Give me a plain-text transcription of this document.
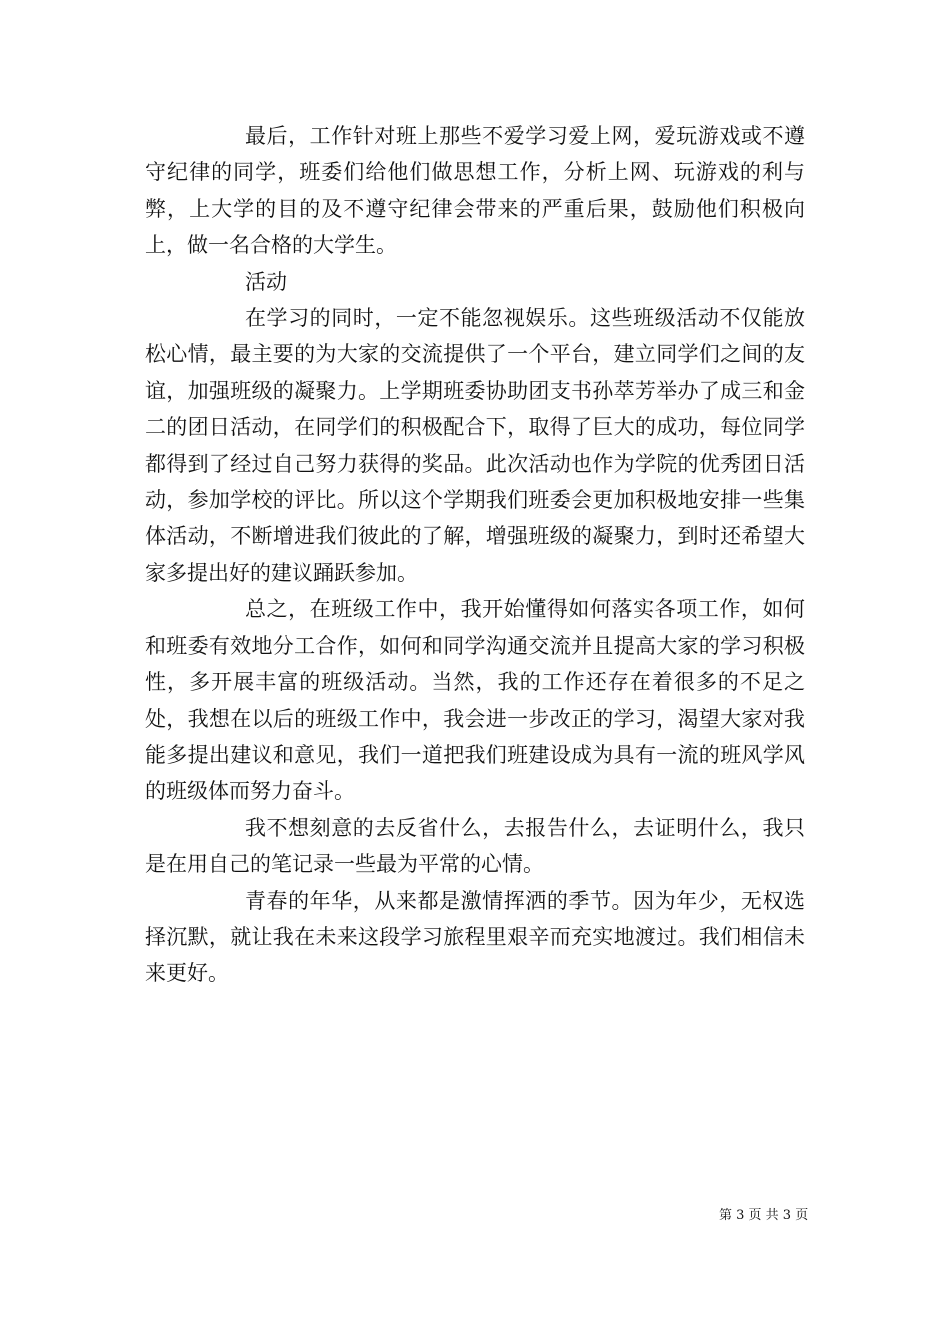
最后，工作针对班上那些不爱学习爱上网，爱玩游戏或不遵守纪律的同学，班委们给他们做思想工作，分析上网、玩游戏的利与弊，上大学的目的及不遵守纪律会带来的严重后果，鼓励他们积极向上，做一名合格的大学生。

活动

在学习的同时，一定不能忽视娱乐。这些班级活动不仅能放松心情，最主要的为大家的交流提供了一个平台，建立同学们之间的友谊，加强班级的凝聚力。上学期班委协助团支书孙萃芳举办了成三和金二的团日活动，在同学们的积极配合下，取得了巨大的成功，每位同学都得到了经过自己努力获得的奖品。此次活动也作为学院的优秀团日活动，参加学校的评比。所以这个学期我们班委会更加积极地安排一些集体活动，不断增进我们彼此的了解，增强班级的凝聚力，到时还希望大家多提出好的建议踊跃参加。

总之，在班级工作中，我开始懂得如何落实各项工作，如何和班委有效地分工合作，如何和同学沟通交流并且提高大家的学习积极性，多开展丰富的班级活动。当然，我的工作还存在着很多的不足之处，我想在以后的班级工作中，我会进一步改正的学习，渴望大家对我能多提出建议和意见，我们一道把我们班建设成为具有一流的班风学风的班级体而努力奋斗。

我不想刻意的去反省什么，去报告什么，去证明什么，我只是在用自己的笔记录一些最为平常的心情。

青春的年华，从来都是激情挥洒的季节。因为年少，无权选择沉默，就让我在未来这段学习旅程里艰辛而充实地渡过。我们相信未来更好。

第 3 页 共 3 页
